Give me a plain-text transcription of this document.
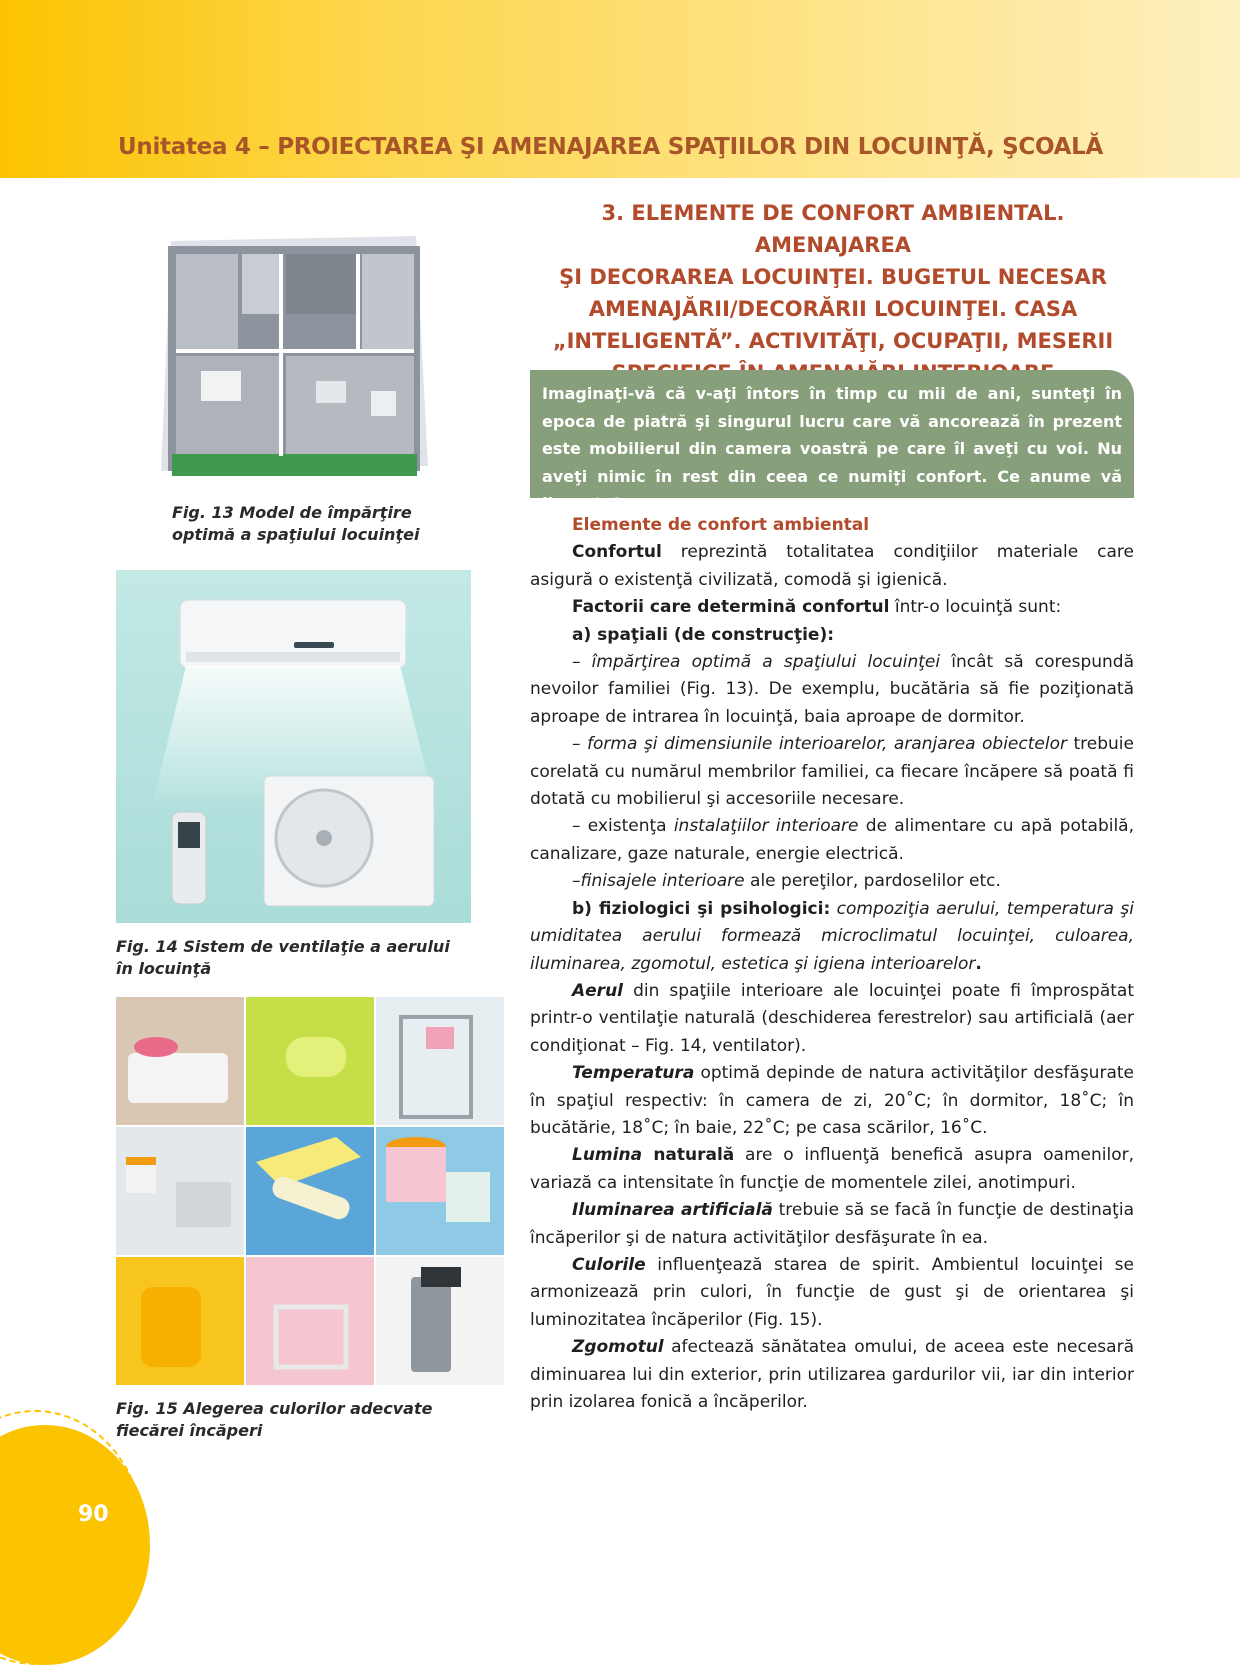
Unitatea 4 – PROIECTAREA ŞI AMENAJAREA SPAŢIILOR DIN LOCUINŢĂ, ŞCOALĂ
90
Fig. 13 Model de împărţire
optimă a spaţiului locuinţei
Fig. 14 Sistem de ventilaţie a aerului
în locuinţă
Fig. 15 Alegerea culorilor adecvate
fiecărei încăperi
3. ELEMENTE DE CONFORT AMBIENTAL. AMENAJAREA
ŞI DECORAREA LOCUINŢEI. BUGETUL NECESAR
AMENAJĂRII/DECORĂRII LOCUINŢEI. CASA
„INTELIGENTĂ”. ACTIVITĂŢI, OCUPAŢII, MESERII
Imaginaţi-vă că v-aţi întors în timp cu mii de ani, sunteţi în epoca de piatră şi singurul lucru care vă ancorează în prezent este mobilierul din camera voastră pe care îl aveţi cu voi. Nu aveţi nimic în rest din ceea ce numiţi confort. Ce anume vă lipseşte?

Elemente de confort ambiental

Confortul reprezintă totalitatea condiţiilor materiale care asigură o existenţă civilizată, comodă şi igienică.

Factorii care determină confortul într-o locuinţă sunt:

a) spaţiali (de construcţie):

– împărţirea optimă a spaţiului locuinţei încât să corespundă nevoilor familiei (Fig. 13). De exemplu, bucătăria să fie poziţionată aproape de intrarea în locuinţă, baia aproape de dormitor.

– forma şi dimensiunile interioarelor, aranjarea obiectelor trebuie corelată cu numărul membrilor familiei, ca fiecare încăpere să poată fi dotată cu mobilierul şi accesoriile necesare.

– existenţa instalaţiilor interioare de alimentare cu apă potabilă, canalizare, gaze naturale, energie electrică.

–finisajele interioare ale pereţilor, pardoselilor etc.

b) fiziologici şi psihologici: compoziţia aerului, temperatura şi umiditatea aerului formează microclimatul locuinţei, culoarea, iluminarea, zgomotul, estetica şi igiena interioarelor.

Aerul din spaţiile interioare ale locuinţei poate fi împrospătat printr-o ventilaţie naturală (deschiderea ferestrelor) sau artificială (aer condiţionat – Fig. 14, ventilator).

Temperatura optimă depinde de natura activităţilor desfăşurate în spaţiul respectiv: în camera de zi, 20˚C; în dormitor, 18˚C; în bucătărie, 18˚C; în baie, 22˚C; pe casa scărilor, 16˚C.

Lumina naturală are o influenţă benefică asupra oamenilor, variază ca intensitate în funcţie de momentele zilei, anotimpuri.

Iluminarea artificială trebuie să se facă în funcţie de destinaţia încăperilor şi de natura activităţilor desfăşurate în ea.

Culorile influenţează starea de spirit. Ambientul locuinţei se armonizează prin culori, în funcţie de gust şi de orientarea şi luminozitatea încăperilor (Fig. 15).

Zgomotul afectează sănătatea omului, de aceea este necesară diminuarea lui din exterior, prin utilizarea gardurilor vii, iar din interior prin izolarea fonică a încăperilor.
